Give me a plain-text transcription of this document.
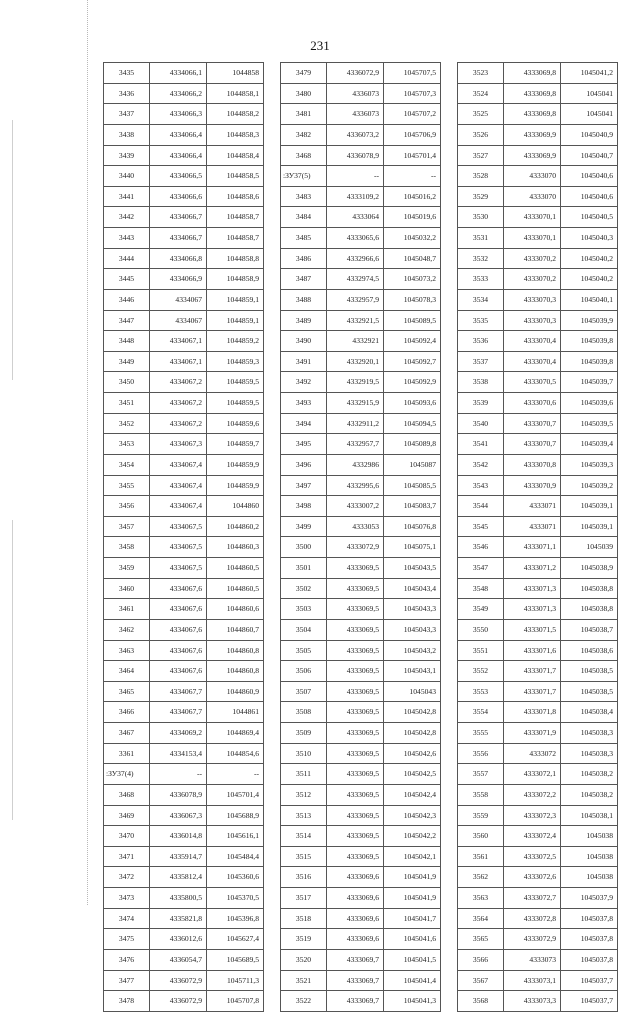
231
3435	4334066,1	1044858
3436	4334066,2	1044858,1
3437	4334066,3	1044858,2
3438	4334066,4	1044858,3
3439	4334066,4	1044858,4
3440	4334066,5	1044858,5
3441	4334066,6	1044858,6
3442	4334066,7	1044858,7
3443	4334066,7	1044858,7
3444	4334066,8	1044858,8
3445	4334066,9	1044858,9
3446	4334067	1044859,1
3447	4334067	1044859,1
3448	4334067,1	1044859,2
3449	4334067,1	1044859,3
3450	4334067,2	1044859,5
3451	4334067,2	1044859,5
3452	4334067,2	1044859,6
3453	4334067,3	1044859,7
3454	4334067,4	1044859,9
3455	4334067,4	1044859,9
3456	4334067,4	1044860
3457	4334067,5	1044860,2
3458	4334067,5	1044860,3
3459	4334067,5	1044860,5
3460	4334067,6	1044860,5
3461	4334067,6	1044860,6
3462	4334067,6	1044860,7
3463	4334067,6	1044860,8
3464	4334067,6	1044860,8
3465	4334067,7	1044860,9
3466	4334067,7	1044861
3467	4334069,2	1044869,4
3361	4334153,4	1044854,6
:ЗУ37(4)	--	--
3468	4336078,9	1045701,4
3469	4336067,3	1045688,9
3470	4336014,8	1045616,1
3471	4335914,7	1045484,4
3472	4335812,4	1045360,6
3473	4335800,5	1045370,5
3474	4335821,8	1045396,8
3475	4336012,6	1045627,4
3476	4336054,7	1045689,5
3477	4336072,9	1045711,3
3478	4336072,9	1045707,8
3479	4336072,9	1045707,5
3480	4336073	1045707,3
3481	4336073	1045707,2
3482	4336073,2	1045706,9
3468	4336078,9	1045701,4
:ЗУ37(5)	--	--
3483	4333109,2	1045016,2
3484	4333064	1045019,6
3485	4333065,6	1045032,2
3486	4332966,6	1045048,7
3487	4332974,5	1045073,2
3488	4332957,9	1045078,3
3489	4332921,5	1045089,5
3490	4332921	1045092,4
3491	4332920,1	1045092,7
3492	4332919,5	1045092,9
3493	4332915,9	1045093,6
3494	4332911,2	1045094,5
3495	4332957,7	1045089,8
3496	4332986	1045087
3497	4332995,6	1045085,5
3498	4333007,2	1045083,7
3499	4333053	1045076,8
3500	4333072,9	1045075,1
3501	4333069,5	1045043,5
3502	4333069,5	1045043,4
3503	4333069,5	1045043,3
3504	4333069,5	1045043,3
3505	4333069,5	1045043,2
3506	4333069,5	1045043,1
3507	4333069,5	1045043
3508	4333069,5	1045042,8
3509	4333069,5	1045042,8
3510	4333069,5	1045042,6
3511	4333069,5	1045042,5
3512	4333069,5	1045042,4
3513	4333069,5	1045042,3
3514	4333069,5	1045042,2
3515	4333069,5	1045042,1
3516	4333069,6	1045041,9
3517	4333069,6	1045041,9
3518	4333069,6	1045041,7
3519	4333069,6	1045041,6
3520	4333069,7	1045041,5
3521	4333069,7	1045041,4
3522	4333069,7	1045041,3
3523	4333069,8	1045041,2
3524	4333069,8	1045041
3525	4333069,8	1045041
3526	4333069,9	1045040,9
3527	4333069,9	1045040,7
3528	4333070	1045040,6
3529	4333070	1045040,6
3530	4333070,1	1045040,5
3531	4333070,1	1045040,3
3532	4333070,2	1045040,2
3533	4333070,2	1045040,2
3534	4333070,3	1045040,1
3535	4333070,3	1045039,9
3536	4333070,4	1045039,8
3537	4333070,4	1045039,8
3538	4333070,5	1045039,7
3539	4333070,6	1045039,6
3540	4333070,7	1045039,5
3541	4333070,7	1045039,4
3542	4333070,8	1045039,3
3543	4333070,9	1045039,2
3544	4333071	1045039,1
3545	4333071	1045039,1
3546	4333071,1	1045039
3547	4333071,2	1045038,9
3548	4333071,3	1045038,8
3549	4333071,3	1045038,8
3550	4333071,5	1045038,7
3551	4333071,6	1045038,6
3552	4333071,7	1045038,5
3553	4333071,7	1045038,5
3554	4333071,8	1045038,4
3555	4333071,9	1045038,3
3556	4333072	1045038,3
3557	4333072,1	1045038,2
3558	4333072,2	1045038,2
3559	4333072,3	1045038,1
3560	4333072,4	1045038
3561	4333072,5	1045038
3562	4333072,6	1045038
3563	4333072,7	1045037,9
3564	4333072,8	1045037,8
3565	4333072,9	1045037,8
3566	4333073	1045037,8
3567	4333073,1	1045037,7
3568	4333073,3	1045037,7
